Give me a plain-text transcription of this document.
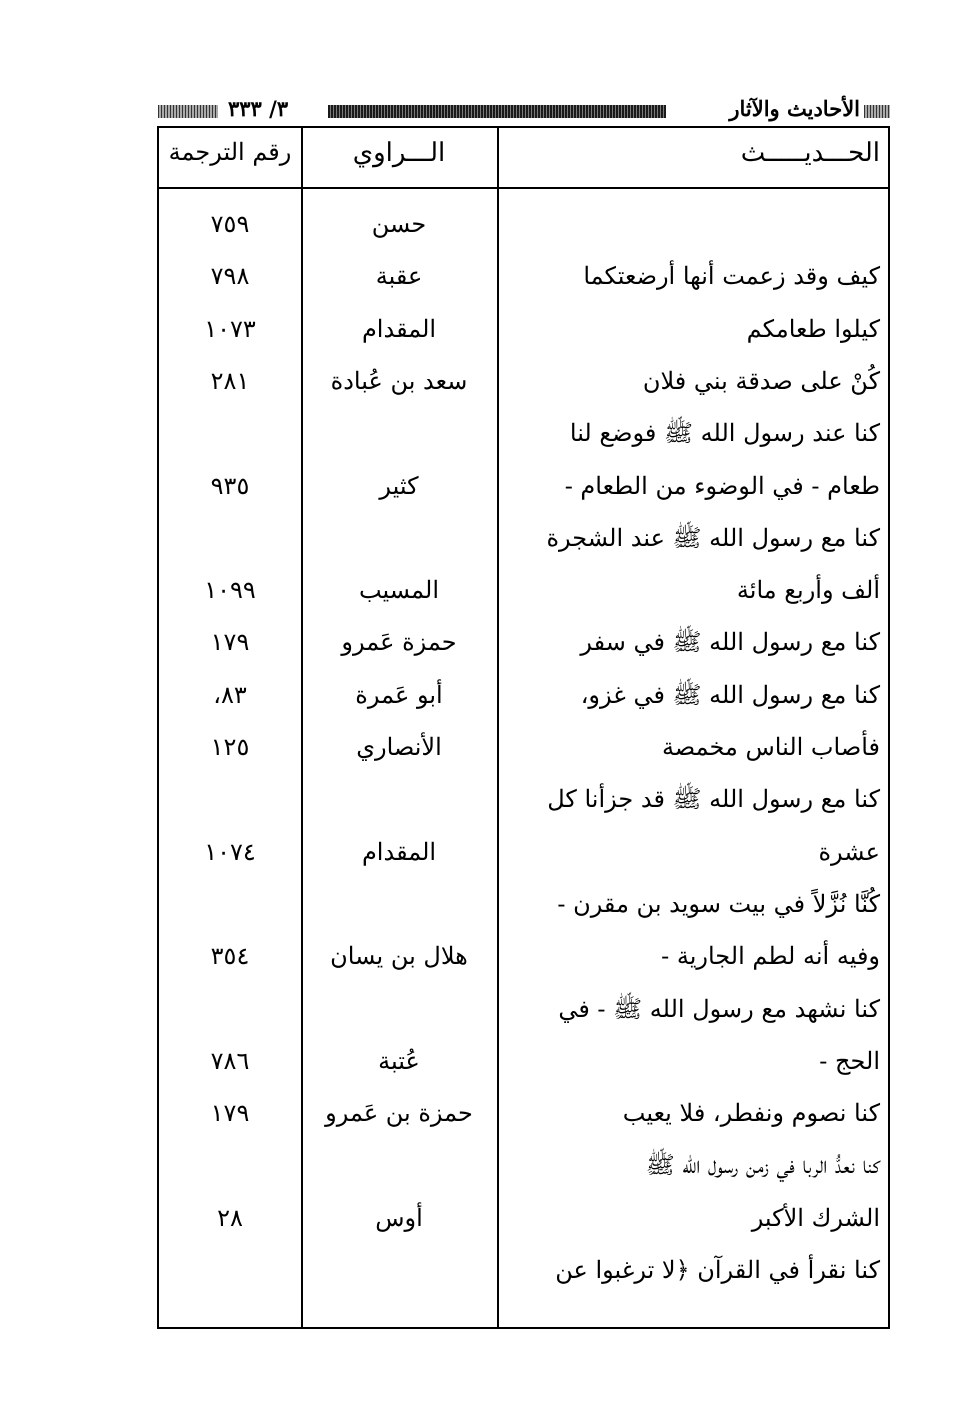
٣/ ٣٣٣	الأحاديث والآثار
الحـــديـــــث
الـــراوي
رقم الترجمة
حسن
٧٥٩
كيف وقد زعمت أنها أرضعتكما
عقبة
٧٩٨
كيلوا طعامكم
المقدام
١٠٧٣
كُنْ على صدقة بني فلان
سعد بن عُبادة
٢٨١
كنا عند رسول الله ﷺ فوضع لنا
طعام - في الوضوء من الطعام -
كثير
٩٣٥
كنا مع رسول الله ﷺ عند الشجرة
ألف وأربع مائة
المسيب
١٠٩٩
كنا مع رسول الله ﷺ في سفر
حمزة عَمرو
١٧٩
كنا مع رسول الله ﷺ في غزو،
أبو عَمرة
٨٣،
فأصاب الناس مخمصة
الأنصاري
١٢٥
كنا مع رسول الله ﷺ قد جزأنا كل
عشرة
المقدام
١٠٧٤
كُنَّا نُزَّلاً في بيت سويد بن مقرن -
وفيه أنه لطم الجارية -
هلال بن يسان
٣٥٤
كنا نشهد مع رسول الله ﷺ - في
الحج -
عُتبة
٧٨٦
كنا نصوم ونفطر، فلا يعيب
حمزة بن عَمرو
١٧٩
كنا نعدُّ الربا في زمن رسول الله ﷺ
الشرك الأكبر
أوس
٢٨
كنا نقرأ في القرآن ﴿لا ترغبوا عن
